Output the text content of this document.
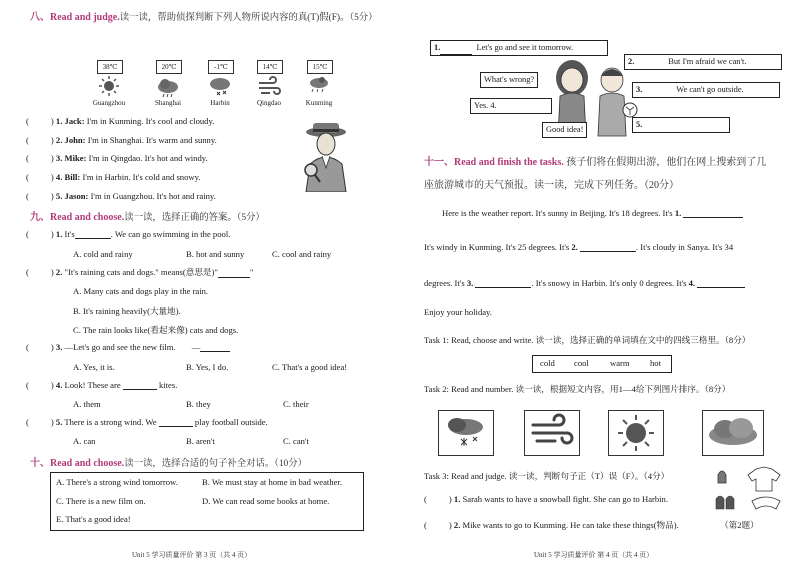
八、Read and judge.读一读，帮助侦探判断下列人物所说内容的真(T)假(F)。（5分）
38℃
Guangzhou
20℃
Shanghai
-1℃
Harbin
14℃
Qingdao
15℃
Kunming
(	) 1. Jack: I'm in Kunming. It's cool and cloudy.
(	) 2. John: I'm in Shanghai. It's warm and sunny.
(	) 3. Mike: I'm in Qingdao. It's hot and windy.
(	) 4. Bill: I'm in Harbin. It's cold and snowy.
(	) 5. Jason: I'm in Guangzhou. It's hot and rainy.
九、Read and choose.读一读，选择正确的答案。（5分）
(	) 1. It's	. We can go swimming in the pool.
A. cold and rainy	B. hot and sunny	C. cool and rainy
(	) 2. "It's raining cats and dogs." means(意思是)"	"
A. Many cats and dogs play in the rain.
B. It's raining heavily(大量地).
C. The rain looks like(看起来像) cats and dogs.
(	) 3. —Let's go and see the new film. —
A. Yes, it is.	B. Yes, I do.	C. That's a good idea!
(	) 4. Look! These are	kites.
A. them	B. they	C. their
(	) 5. There is a strong wind. We	play football outside.
A. can	B. aren't	C. can't
十、Read and choose.读一读，选择合适的句子补全对话。（10分）
A. There's a strong wind tomorrow.	B. We must stay at home in bad weather.
C. There is a new film on.	D. We can read some books at home.
E. That's a good idea!
Unit 5 学习质量评价 第 3 页（共 4 页）
1.	Let's go and see it tomorrow.
What's wrong?
Yes. 4.
Good idea!
2.	But I'm afraid we can't.
3.	We can't go outside.
5.
十一、Read and finish the tasks. 孩子们将在假期出游，他们在网上搜索到了几
座旅游城市的天气预报。读一读，完成下列任务。（20分）
Here is the weather report. It's sunny in Beijing. It's 18 degrees. It's 1.
It's windy in Kunming. It's 25 degrees. It's 2.	. It's cloudy in Sanya. It's 34
degrees. It's 3.	. It's snowy in Harbin. It's only 0 degrees. It's 4.
Enjoy your holiday.
Task 1: Read, choose and write. 读一读，选择正确的单词填在文中的四线三格里。（8分）
cold cool warm hot
Task 2: Read and number. 读一读，根据短文内容，用1—4给下列图片排序。（8分）
Task 3: Read and judge. 读一读，判断句子正（T）误（F）。（4分）
(	) 1. Sarah wants to have a snowball fight. She can go to Harbin.
(	) 2. Mike wants to go to Kunming. He can take these things(物品).	（第2题）
Unit 5 学习质量评价 第 4 页（共 4 页）
